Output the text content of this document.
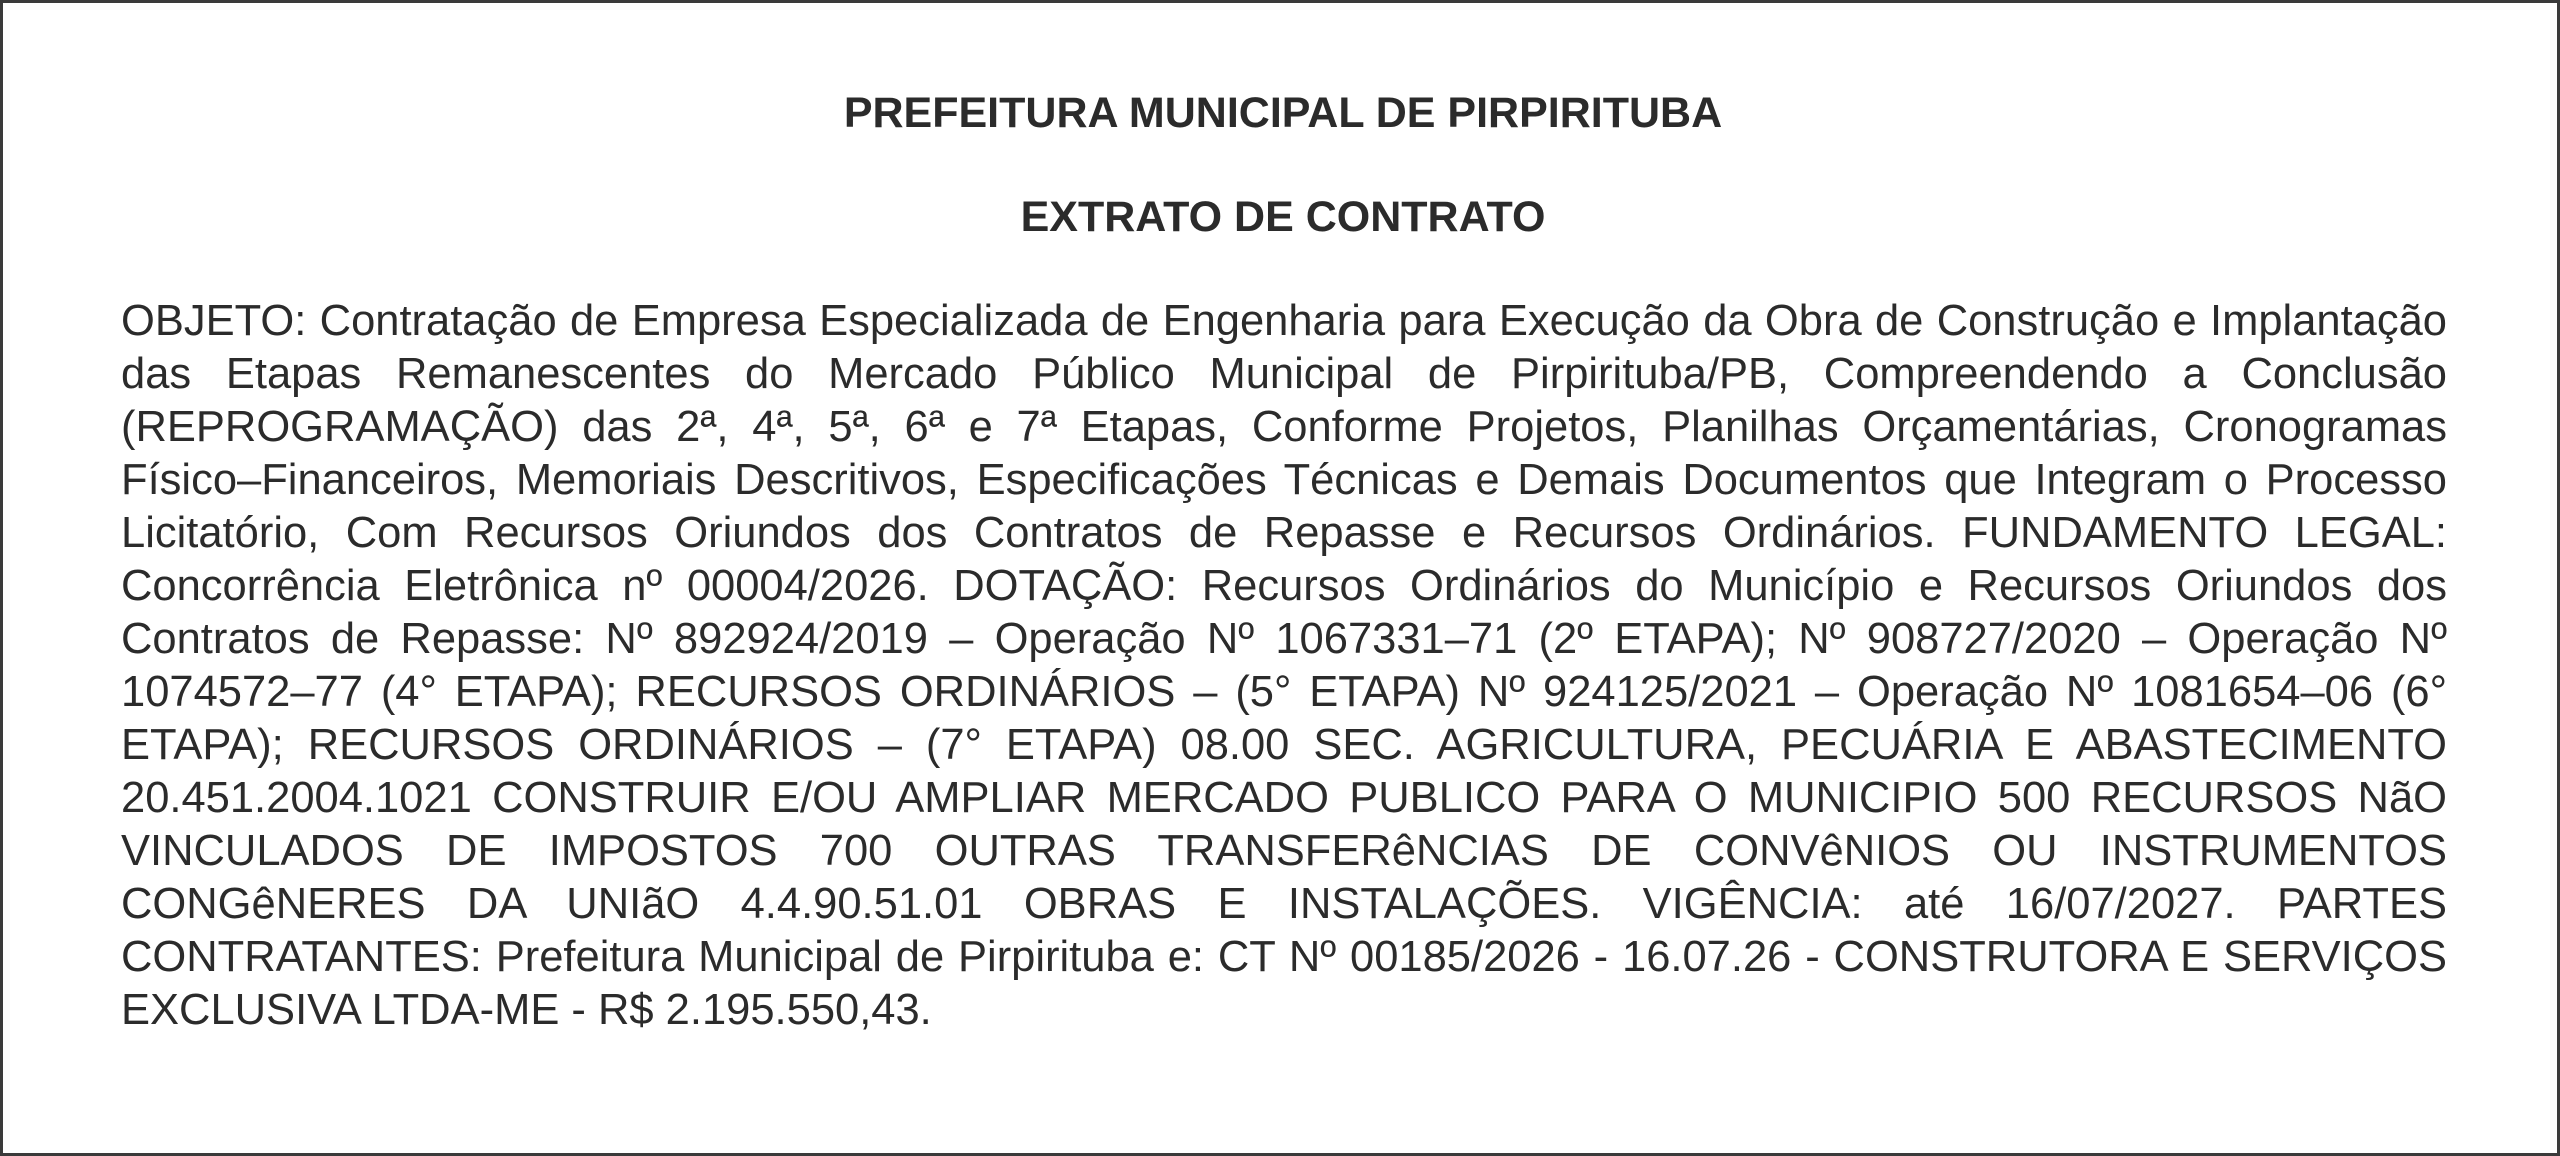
PREFEITURA MUNICIPAL DE PIRPIRITUBA
EXTRATO DE CONTRATO

OBJETO: Contratação de Empresa Especializada de Engenharia para Execução da Obra de Construção e Implantação das Etapas Remanescentes do Mercado Público Municipal de Pirpirituba/PB, Compreendendo a Conclusão (REPROGRAMAÇÃO) das 2ª, 4ª, 5ª, 6ª e 7ª Etapas, Conforme Projetos, Planilhas Orçamentárias, Cronogramas Físico–Financeiros, Memoriais Descritivos, Especificações Técnicas e Demais Documentos que Integram o Processo Licitatório, Com Recursos Oriundos dos Contratos de Repasse e Recursos Ordinários. FUNDAMENTO LEGAL: Concorrência Eletrônica nº 00004/2026. DOTAÇÃO: Recursos Ordinários do Município e Recursos Oriundos dos Contratos de Repasse: Nº 892924/2019 – Operação Nº 1067331–71 (2º ETAPA); Nº 908727/2020 – Operação Nº 1074572–77 (4° ETAPA); RECURSOS ORDINÁRIOS – (5° ETAPA) Nº 924125/2021 – Operação Nº 1081654–06 (6° ETAPA); RECURSOS ORDINÁRIOS – (7° ETAPA) 08.00 SEC. AGRICULTURA, PECUÁRIA E ABASTECIMENTO 20.451.2004.1021 CONSTRUIR E/OU AMPLIAR MERCADO PUBLICO PARA O MUNICIPIO 500 RECURSOS NãO VINCULADOS DE IMPOSTOS 700 OUTRAS TRANSFERêNCIAS DE CONVêNIOS OU INSTRUMENTOS CONGêNERES DA UNIãO 4.4.90.51.01 OBRAS E INSTALAÇÕES. VIGÊNCIA: até 16/07/2027. PARTES CONTRATANTES: Prefeitura Municipal de Pirpirituba e: CT Nº 00185/2026 - 16.07.26 - CONSTRUTORA E SERVIÇOS EXCLUSIVA LTDA-ME - R$ 2.195.550,43.
